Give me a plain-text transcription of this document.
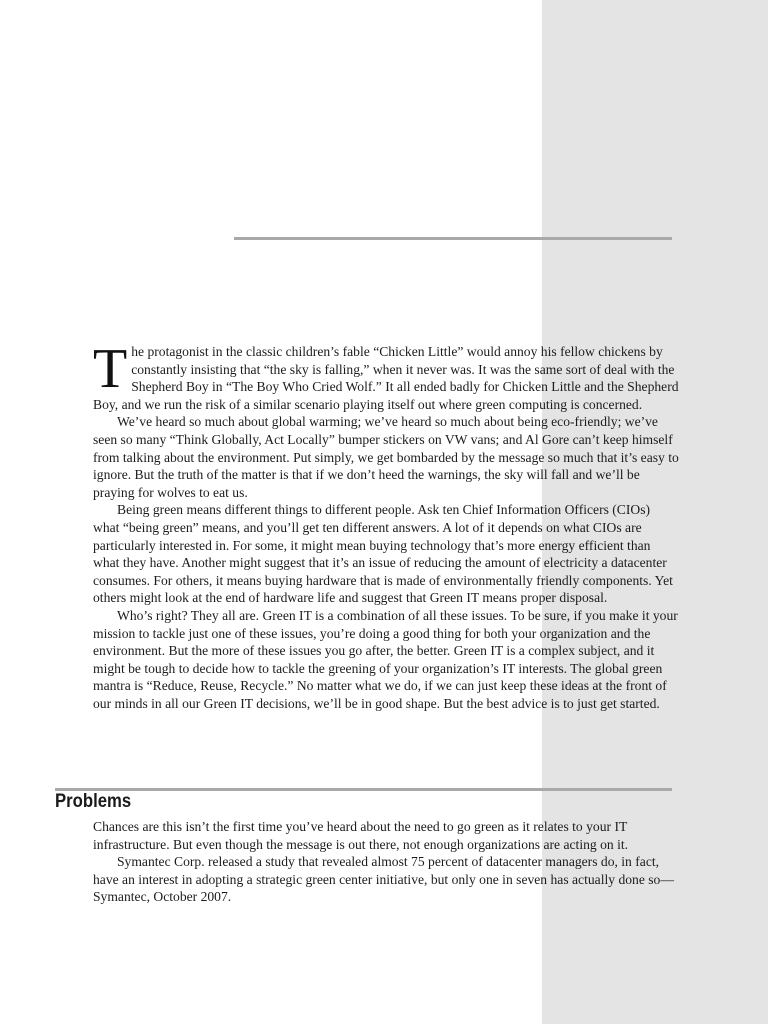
The protagonist in the classic children’s fable “Chicken Little” would annoy his fellow chickens by constantly insisting that “the sky is falling,” when it never was. It was the same sort of deal with the Shepherd Boy in “The Boy Who Cried Wolf.” It all ended badly for Chicken Little and the Shepherd Boy, and we run the risk of a similar scenario playing itself out where green computing is concerned.

We’ve heard so much about global warming; we’ve heard so much about being eco-friendly; we’ve seen so many “Think Globally, Act Locally” bumper stickers on VW vans; and Al Gore can’t keep himself from talking about the environment. Put simply, we get bombarded by the message so much that it’s easy to ignore. But the truth of the matter is that if we don’t heed the warnings, the sky will fall and we’ll be praying for wolves to eat us.

Being green means different things to different people. Ask ten Chief Information Officers (CIOs) what “being green” means, and you’ll get ten different answers. A lot of it depends on what CIOs are particularly interested in. For some, it might mean buying technology that’s more energy efficient than what they have. Another might suggest that it’s an issue of reducing the amount of electricity a datacenter consumes. For others, it means buying hardware that is made of environmentally friendly components. Yet others might look at the end of hardware life and suggest that Green IT means proper disposal.

Who’s right? They all are. Green IT is a combination of all these issues. To be sure, if you make it your mission to tackle just one of these issues, you’re doing a good thing for both your organization and the environment. But the more of these issues you go after, the better. Green IT is a complex subject, and it might be tough to decide how to tackle the greening of your organization’s IT interests. The global green mantra is “Reduce, Reuse, Recycle.” No matter what we do, if we can just keep these ideas at the front of our minds in all our Green IT decisions, we’ll be in good shape. But the best advice is to just get started.

Problems

Chances are this isn’t the first time you’ve heard about the need to go green as it relates to your IT infrastructure. But even though the message is out there, not enough organizations are acting on it.

Symantec Corp. released a study that revealed almost 75 percent of datacenter managers do, in fact, have an interest in adopting a strategic green center initiative, but only one in seven has actually done so—Symantec, October 2007.
